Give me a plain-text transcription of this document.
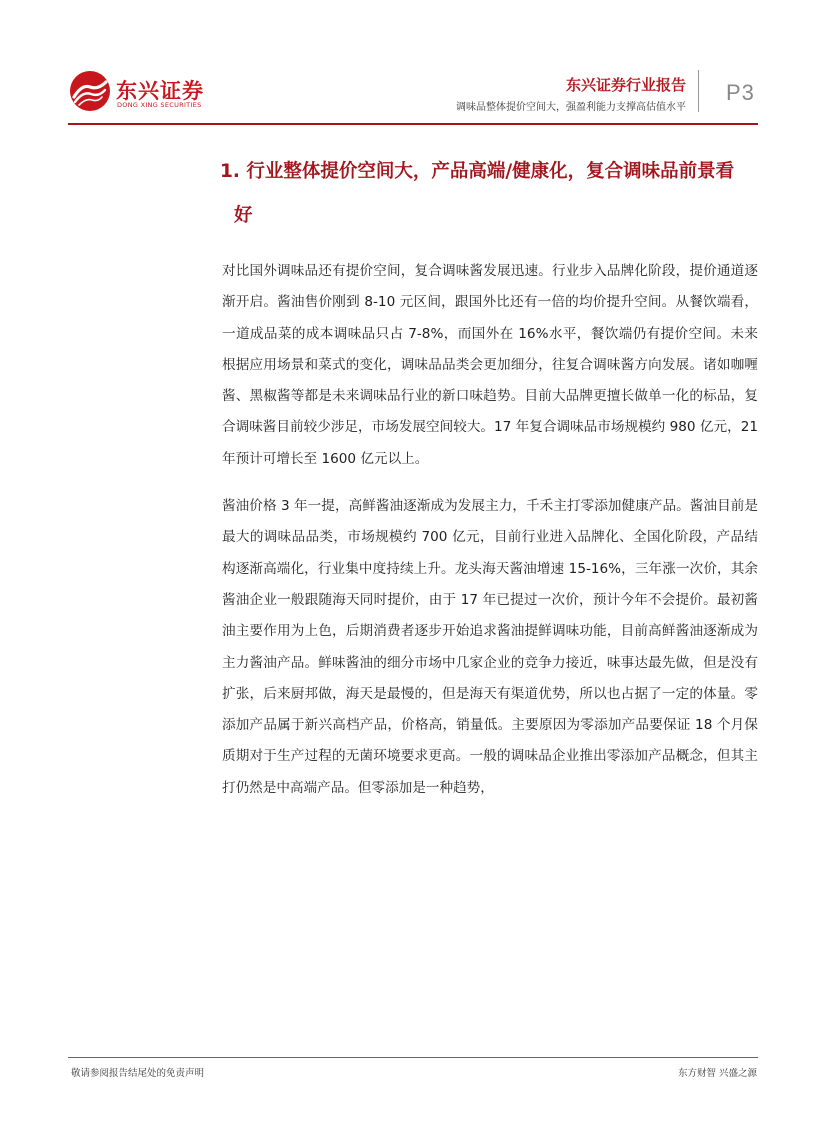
东兴证券
DONG XING SECURITIES
东兴证券行业报告
调味品整体提价空间大，强盈利能力支撑高估值水平
P3
1. 行业整体提价空间大，产品高端/健康化，复合调味品前景看
好

对比国外调味品还有提价空间，复合调味酱发展迅速。行业步入品牌化阶段，提价通道逐渐开启。酱油售价刚到 8-10 元区间，跟国外比还有一倍的均价提升空间。从餐饮端看，一道成品菜的成本调味品只占 7-8%，而国外在 16%水平，餐饮端仍有提价空间。未来根据应用场景和菜式的变化，调味品品类会更加细分，往复合调味酱方向发展。诸如咖喱酱、黑椒酱等都是未来调味品行业的新口味趋势。目前大品牌更擅长做单一化的标品，复合调味酱目前较少涉足，市场发展空间较大。17 年复合调味品市场规模约 980 亿元，21 年预计可增长至 1600 亿元以上。

酱油价格 3 年一提，高鲜酱油逐渐成为发展主力，千禾主打零添加健康产品。酱油目前是最大的调味品品类，市场规模约 700 亿元，目前行业进入品牌化、全国化阶段，产品结构逐渐高端化，行业集中度持续上升。龙头海天酱油增速 15-16%，三年涨一次价，其余酱油企业一般跟随海天同时提价，由于 17 年已提过一次价，预计今年不会提价。最初酱油主要作用为上色，后期消费者逐步开始追求酱油提鲜调味功能，目前高鲜酱油逐渐成为主力酱油产品。鲜味酱油的细分市场中几家企业的竞争力接近，味事达最先做，但是没有扩张，后来厨邦做，海天是最慢的，但是海天有渠道优势，所以也占据了一定的体量。零添加产品属于新兴高档产品，价格高，销量低。主要原因为零添加产品要保证 18 个月保质期对于生产过程的无菌环境要求更高。一般的调味品企业推出零添加产品概念，但其主打仍然是中高端产品。但零添加是一种趋势，

敬请参阅报告结尾处的免责声明	东方财智 兴盛之源
